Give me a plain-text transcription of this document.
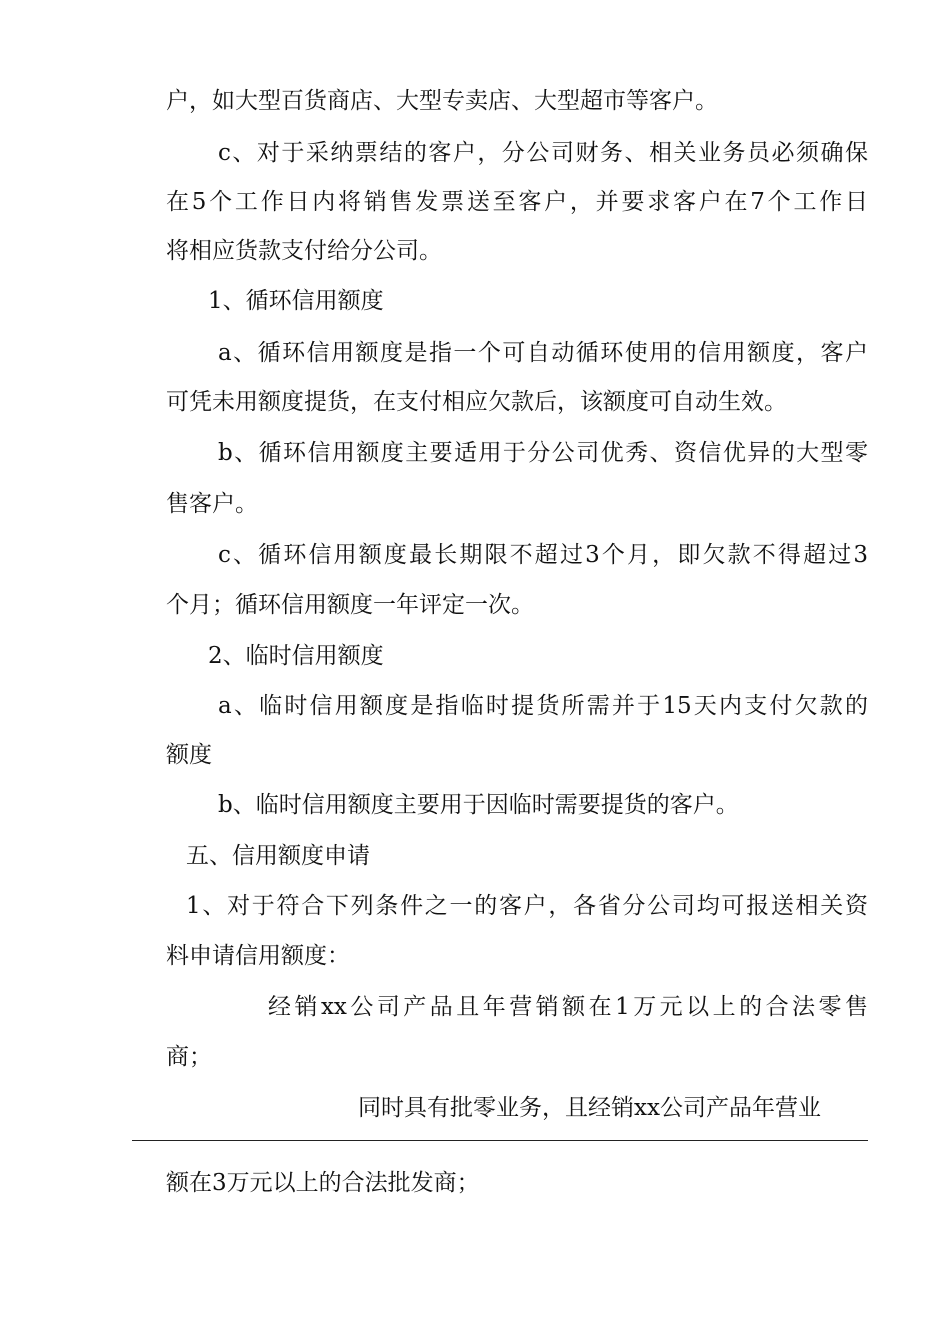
户，如大型百货商店、大型专卖店、大型超市等客户。
c、对于采纳票结的客户，分公司财务、相关业务员必须确保
在5个工作日内将销售发票送至客户，并要求客户在7个工作日
将相应货款支付给分公司。
1、循环信用额度
a、循环信用额度是指一个可自动循环使用的信用额度，客户
可凭未用额度提货，在支付相应欠款后，该额度可自动生效。
b、循环信用额度主要适用于分公司优秀、资信优异的大型零
售客户。
c、循环信用额度最长期限不超过3个月，即欠款不得超过3
个月；循环信用额度一年评定一次。
2、临时信用额度
a、临时信用额度是指临时提货所需并于15天内支付欠款的
额度
b、临时信用额度主要用于因临时需要提货的客户。
五、信用额度申请
1、对于符合下列条件之一的客户，各省分公司均可报送相关资
料申请信用额度：
经销xx公司产品且年营销额在1万元以上的合法零售
商；
同时具有批零业务，且经销xx公司产品年营业
额在3万元以上的合法批发商；
